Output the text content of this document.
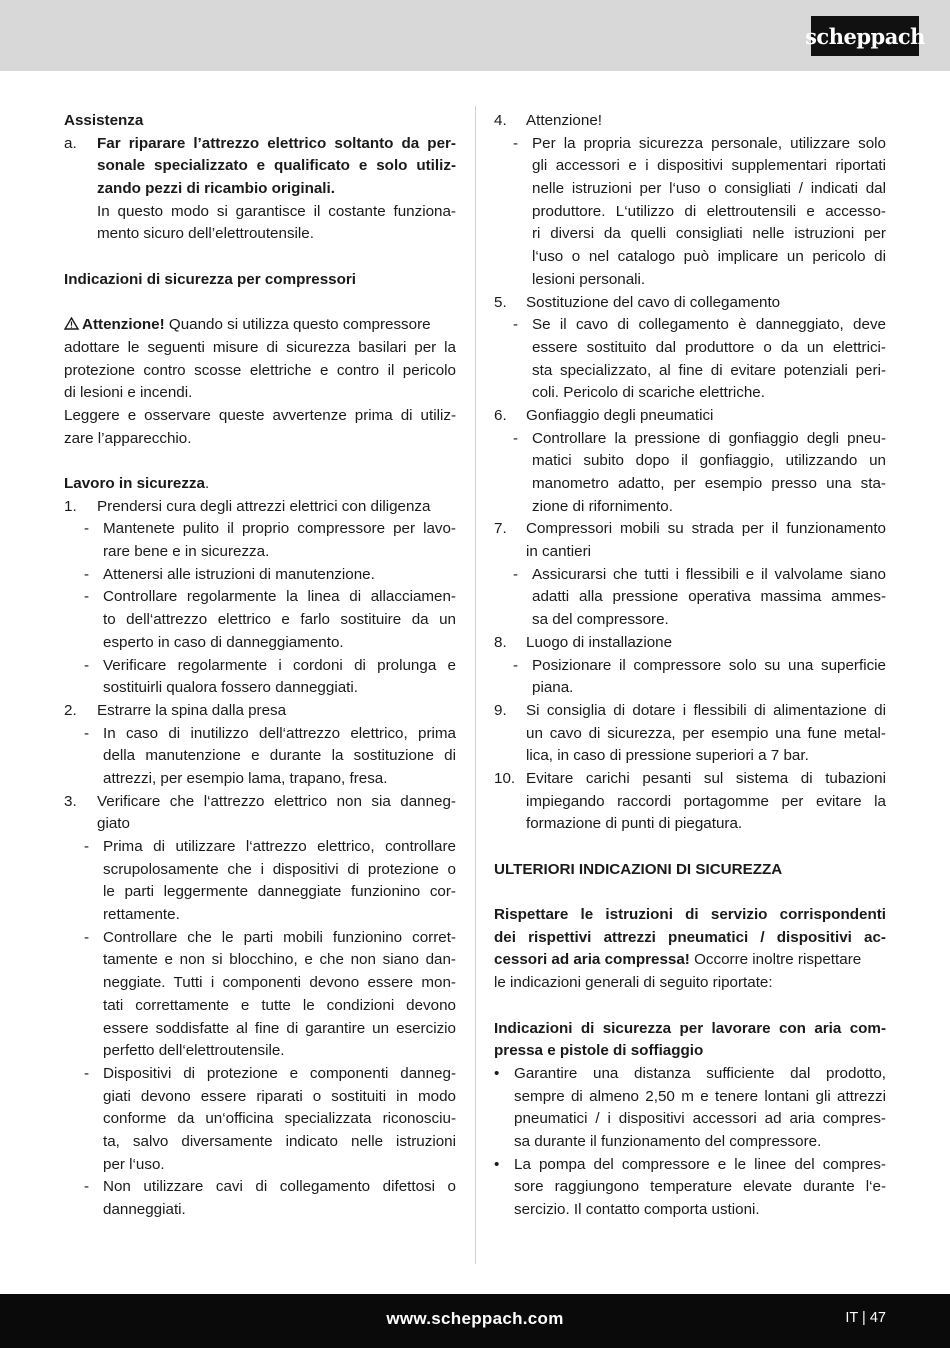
scheppach
Assistenza
a. Far riparare l’attrezzo elettrico soltanto da per-
sonale specializzato e qualificato e solo utiliz-
zando pezzi di ricambio originali.
In questo modo si garantisce il costante funziona-
mento sicuro dell’elettroutensile.
Indicazioni di sicurezza per compressori
Attenzione! Quando si utilizza questo compressore
adottare le seguenti misure di sicurezza basilari per la
protezione contro scosse elettriche e contro il pericolo
di lesioni e incendi.
Leggere e osservare queste avvertenze prima di utiliz-
zare l’apparecchio.
Lavoro in sicurezza.
1. Prendersi cura degli attrezzi elettrici con diligenza
- Mantenete pulito il proprio compressore per lavo-
rare bene e in sicurezza.
- Attenersi alle istruzioni di manutenzione.
- Controllare regolarmente la linea di allacciamen-
to dell‘attrezzo elettrico e farlo sostituire da un
esperto in caso di danneggiamento.
- Verificare regolarmente i cordoni di prolunga e
sostituirli qualora fossero danneggiati.
2. Estrarre la spina dalla presa
- In caso di inutilizzo dell‘attrezzo elettrico, prima
della manutenzione e durante la sostituzione di
attrezzi, per esempio lama, trapano, fresa.
3. Verificare che l‘attrezzo elettrico non sia danneg-
giato
- Prima di utilizzare l‘attrezzo elettrico, controllare
scrupolosamente che i dispositivi di protezione o
le parti leggermente danneggiate funzionino cor-
rettamente.
- Controllare che le parti mobili funzionino corret-
tamente e non si blocchino, e che non siano dan-
neggiate. Tutti i componenti devono essere mon-
tati correttamente e tutte le condizioni devono
essere soddisfatte al fine di garantire un esercizio
perfetto dell‘elettroutensile.
- Dispositivi di protezione e componenti danneg-
giati devono essere riparati o sostituiti in modo
conforme da un‘officina specializzata riconosciu-
ta, salvo diversamente indicato nelle istruzioni
per l‘uso.
- Non utilizzare cavi di collegamento difettosi o
danneggiati.
4. Attenzione!
- Per la propria sicurezza personale, utilizzare solo
gli accessori e i dispositivi supplementari riportati
nelle istruzioni per l‘uso o consigliati / indicati dal
produttore. L‘utilizzo di elettroutensili e accesso-
ri diversi da quelli consigliati nelle istruzioni per
l‘uso o nel catalogo può implicare un pericolo di
lesioni personali.
5. Sostituzione del cavo di collegamento
- Se il cavo di collegamento è danneggiato, deve
essere sostituito dal produttore o da un elettrici-
sta specializzato, al fine di evitare potenziali peri-
coli. Pericolo di scariche elettriche.
6. Gonfiaggio degli pneumatici
- Controllare la pressione di gonfiaggio degli pneu-
matici subito dopo il gonfiaggio, utilizzando un
manometro adatto, per esempio presso una sta-
zione di rifornimento.
7. Compressori mobili su strada per il funzionamento
in cantieri
- Assicurarsi che tutti i flessibili e il valvolame siano
adatti alla pressione operativa massima ammes-
sa del compressore.
8. Luogo di installazione
- Posizionare il compressore solo su una superficie
piana.
9. Si consiglia di dotare i flessibili di alimentazione di
un cavo di sicurezza, per esempio una fune metal-
lica, in caso di pressione superiori a 7 bar.
10. Evitare carichi pesanti sul sistema di tubazioni
impiegando raccordi portagomme per evitare la
formazione di punti di piegatura.
ULTERIORI INDICAZIONI DI SICUREZZA
Rispettare le istruzioni di servizio corrispondenti
dei rispettivi attrezzi pneumatici / dispositivi ac-
cessori ad aria compressa! Occorre inoltre rispettare
le indicazioni generali di seguito riportate:
Indicazioni di sicurezza per lavorare con aria com-
pressa e pistole di soffiaggio
• Garantire una distanza sufficiente dal prodotto,
sempre di almeno 2,50 m e tenere lontani gli attrezzi
pneumatici / i dispositivi accessori ad aria compres-
sa durante il funzionamento del compressore.
• La pompa del compressore e le linee del compres-
sore raggiungono temperature elevate durante l‘e-
sercizio. Il contatto comporta ustioni.
www.scheppach.com	IT | 47
